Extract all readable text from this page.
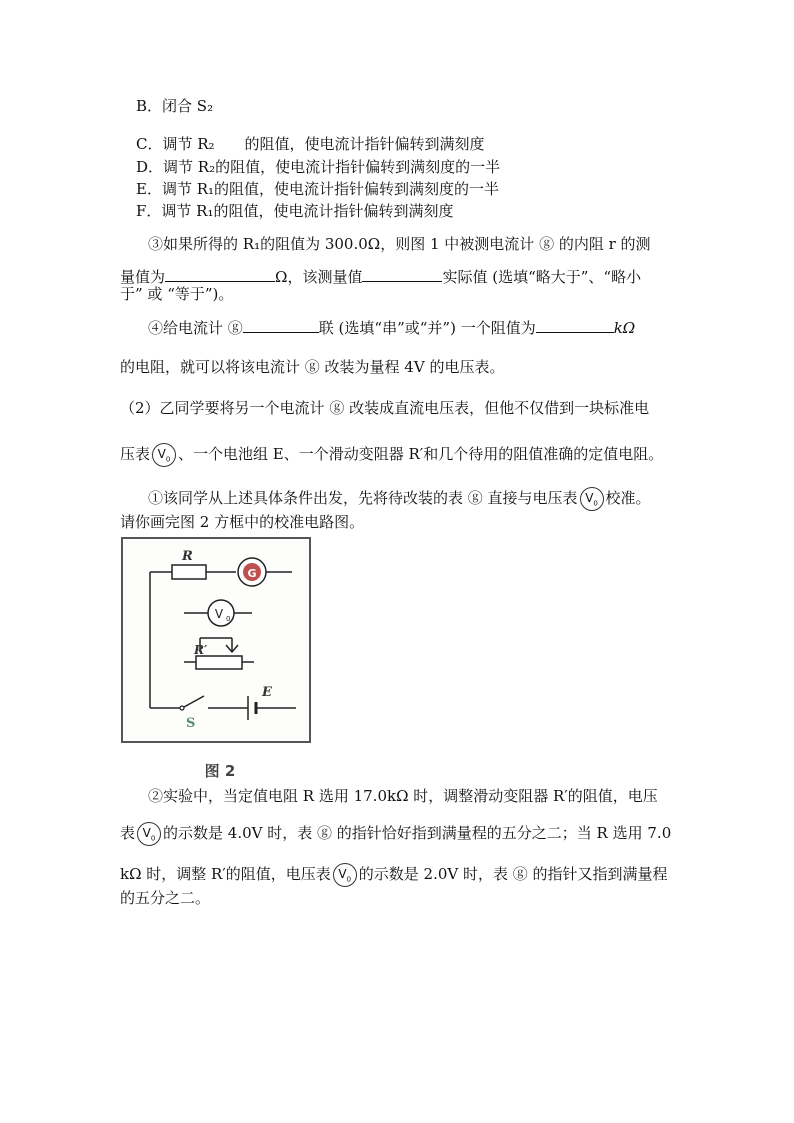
B．闭合 S₂
C．调节 R₂　　的阻值，使电流计指针偏转到满刻度
D．调节 R₂的阻值，使电流计指针偏转到满刻度的一半
E．调节 R₁的阻值，使电流计指针偏转到满刻度的一半
F．调节 R₁的阻值，使电流计指针偏转到满刻度
③如果所得的 R₁的阻值为 300.0Ω，则图 1 中被测电流计 ⓖ 的内阻 r 的测
量值为	Ω，该测量值	实际值 (选填“略大于”、“略小
于” 或 “等于”)。
④给电流计 ⓖ	联 (选填“串”或“并”) 一个阻值为	kΩ
的电阻，就可以将该电流计 ⓖ 改装为量程 4V 的电压表。
（2）乙同学要将另一个电流计 ⓖ 改装成直流电压表，但他不仅借到一块标准电
压表 $V_0$ 、一个电池组 E、一个滑动变阻器 R′和几个待用的阻值准确的定值电阻。
①该同学从上述具体条件出发，先将待改装的表 ⓖ 直接与电压表 $V_0$ 校准。
请你画完图 2 方框中的校准电路图。
R
G
V 0
R′
S
E
图 2
②实验中，当定值电阻 R 选用 17.0kΩ 时，调整滑动变阻器 R′的阻值，电压
表 $V_0$ 的示数是 4.0V 时，表 ⓖ 的指针恰好指到满量程的五分之二；当 R 选用 7.0
kΩ 时，调整 R′的阻值，电压表 $V_0$ 的示数是 2.0V 时，表 ⓖ 的指针又指到满量程
的五分之二。
